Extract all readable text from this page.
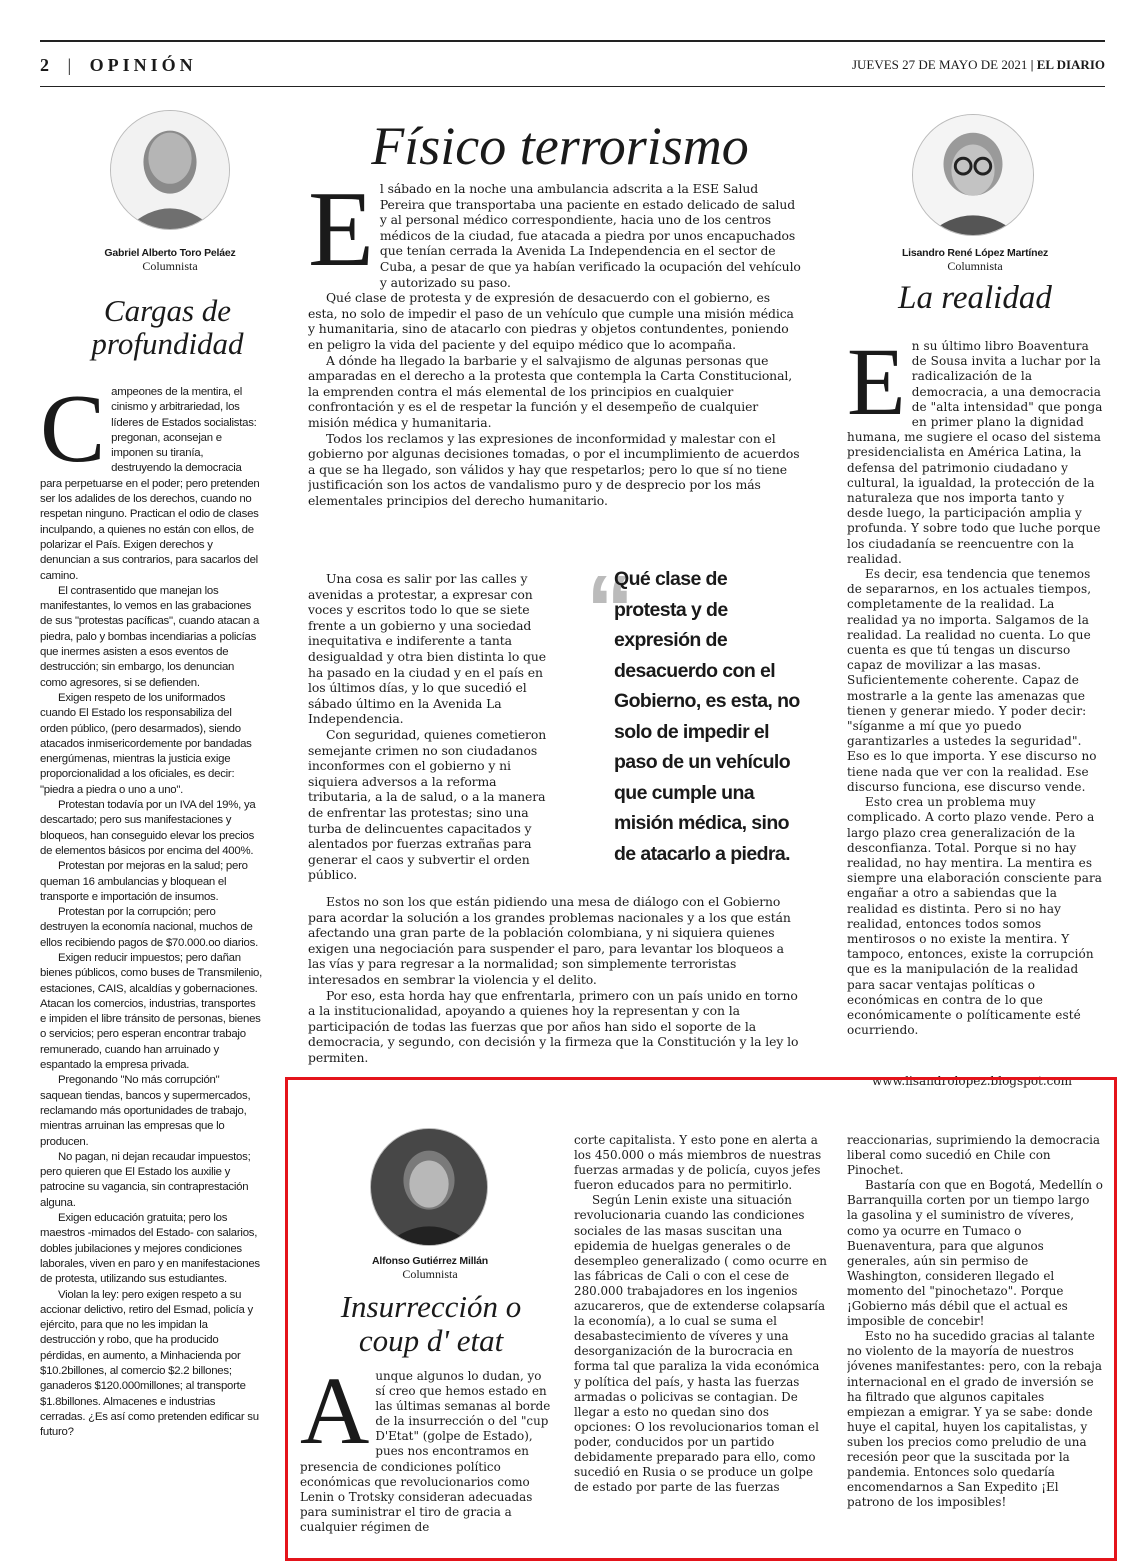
2 | OPINIÓN	JUEVES 27 DE MAYO DE 2021 | EL DIARIO
Gabriel Alberto Toro Peláez
Columnista
Cargas de
profundidad

Campeones de la mentira, el cinismo y arbitrariedad, los líderes de Estados socialistas: pregonan, aconsejan e imponen su tiranía, destruyendo la democracia para perpetuarse en el poder; pero pretenden ser los adalides de los derechos, cuando no respetan ninguno. Practican el odio de clases inculpando, a quienes no están con ellos, de polarizar el País. Exigen derechos y denuncian a sus contrarios, para sacarlos del camino.

El contrasentido que manejan los manifestantes, lo vemos en las grabaciones de sus "protestas pacíficas", cuando atacan a piedra, palo y bombas incendiarias a policías que inermes asisten a esos eventos de destrucción; sin embargo, los denuncian como agresores, si se defienden.

Exigen respeto de los uniformados cuando El Estado los responsabiliza del orden público, (pero desarmados), siendo atacados inmisericordemente por bandadas energúmenas, mientras la justicia exige proporcionalidad a los oficiales, es decir: "piedra a piedra o uno a uno".

Protestan todavía por un IVA del 19%, ya descartado; pero sus manifestaciones y bloqueos, han conseguido elevar los precios de elementos básicos por encima del 400%.

Protestan por mejoras en la salud; pero queman 16 ambulancias y bloquean el transporte e importación de insumos.

Protestan por la corrupción; pero destruyen la economía nacional, muchos de ellos recibiendo pagos de $70.000.oo diarios.

Exigen reducir impuestos; pero dañan bienes públicos, como buses de Transmilenio, estaciones, CAIS, alcaldías y gobernaciones. Atacan los comercios, industrias, transportes e impiden el libre tránsito de personas, bienes o servicios; pero esperan encontrar trabajo remunerado, cuando han arruinado y espantado la empresa privada.

Pregonando "No más corrupción" saquean tiendas, bancos y supermercados, reclamando más oportunidades de trabajo, mientras arruinan las empresas que lo producen.

No pagan, ni dejan recaudar impuestos; pero quieren que El Estado los auxilie y patrocine su vagancia, sin contraprestación alguna.

Exigen educación gratuita; pero los maestros -mimados del Estado- con salarios, dobles jubilaciones y mejores condiciones laborales, viven en paro y en manifestaciones de protesta, utilizando sus estudiantes.

Violan la ley: pero exigen respeto a su accionar delictivo, retiro del Esmad, policía y ejército, para que no les impidan la destrucción y robo, que ha producido pérdidas, en aumento, a Minhacienda por $10.2billones, al comercio $2.2 billones; ganaderos $120.000millones; al transporte $1.8billones. Almacenes e industrias cerradas. ¿Es así como pretenden edificar su futuro?

Físico terrorismo

El sábado en la noche una ambulancia adscrita a la ESE Salud Pereira que transportaba una paciente en estado delicado de salud y al personal médico correspondiente, hacia uno de los centros médicos de la ciudad, fue atacada a piedra por unos encapuchados que tenían cerrada la Avenida La Independencia en el sector de Cuba, a pesar de que ya habían verificado la ocupación del vehículo y autorizado su paso.

Qué clase de protesta y de expresión de desacuerdo con el gobierno, es esta, no solo de impedir el paso de un vehículo que cumple una misión médica y humanitaria, sino de atacarlo con piedras y objetos contundentes, poniendo en peligro la vida del paciente y del equipo médico que lo acompaña.

A dónde ha llegado la barbarie y el salvajismo de algunas personas que amparadas en el derecho a la protesta que contempla la Carta Constitucional, la emprenden contra el más elemental de los principios en cualquier confrontación y es el de respetar la función y el desempeño de cualquier misión médica y humanitaria.

Todos los reclamos y las expresiones de inconformidad y malestar con el gobierno por algunas decisiones tomadas, o por el incumplimiento de acuerdos a que se ha llegado, son válidos y hay que respetarlos; pero lo que sí no tiene justificación son los actos de vandalismo puro y de desprecio por los más elementales principios del derecho humanitario.

Una cosa es salir por las calles y avenidas a protestar, a expresar con voces y escritos todo lo que se siete frente a un gobierno y una sociedad inequitativa e indiferente a tanta desigualdad y otra bien distinta lo que ha pasado en la ciudad y en el país en los últimos días, y lo que sucedió el sábado último en la Avenida La Independencia.

Con seguridad, quienes cometieron semejante crimen no son ciudadanos inconformes con el gobierno y ni siquiera adversos a la reforma tributaria, a la de salud, o a la manera de enfrentar las protestas; sino una turba de delincuentes capacitados y alentados por fuerzas extrañas para generar el caos y subvertir el orden público.

“
Qué clase de protesta y de expresión de desacuerdo con el Gobierno, es esta, no solo de impedir el paso de un vehículo que cumple una misión médica, sino de atacarlo a piedra.

Estos no son los que están pidiendo una mesa de diálogo con el Gobierno para acordar la solución a los grandes problemas nacionales y a los que están afectando una gran parte de la población colombiana, y ni siquiera quienes exigen una negociación para suspender el paro, para levantar los bloqueos a las vías y para regresar a la normalidad; son simplemente terroristas interesados en sembrar la violencia y el delito.

Por eso, esta horda hay que enfrentarla, primero con un país unido en torno a la institucionalidad, apoyando a quienes hoy la representan y con la participación de todas las fuerzas que por años han sido el soporte de la democracia, y segundo, con decisión y la firmeza que la Constitución y la ley lo permiten.

Lisandro René López Martínez
Columnista
La realidad

En su último libro Boaventura de Sousa invita a luchar por la radicalización de la democracia, a una democracia de "alta intensidad" que ponga en primer plano la dignidad humana, me sugiere el ocaso del sistema presidencialista en América Latina, la defensa del patrimonio ciudadano y cultural, la igualdad, la protección de la naturaleza que nos importa tanto y desde luego, la participación amplia y profunda. Y sobre todo que luche porque los ciudadanía se reencuentre con la realidad.

Es decir, esa tendencia que tenemos de separarnos, en los actuales tiempos, completamente de la realidad. La realidad ya no importa. Salgamos de la realidad. La realidad no cuenta. Lo que cuenta es que tú tengas un discurso capaz de movilizar a las masas. Suficientemente coherente. Capaz de mostrarle a la gente las amenazas que tienen y generar miedo. Y poder decir: "síganme a mí que yo puedo garantizarles a ustedes la seguridad". Eso es lo que importa. Y ese discurso no tiene nada que ver con la realidad. Ese discurso funciona, ese discurso vende.

Esto crea un problema muy complicado. A corto plazo vende. Pero a largo plazo crea generalización de la desconfianza. Total. Porque si no hay realidad, no hay mentira. La mentira es siempre una elaboración consciente para engañar a otro a sabiendas que la realidad es distinta. Pero si no hay realidad, entonces todos somos mentirosos o no existe la mentira. Y tampoco, entonces, existe la corrupción que es la manipulación de la realidad para sacar ventajas políticas o económicas en contra de lo que económicamente o políticamente esté ocurriendo.

www.lisandrolopez.blogspot.com
Alfonso Gutiérrez Millán
Columnista
Insurrección o
coup d' etat

Aunque algunos lo dudan, yo sí creo que hemos estado en las últimas semanas al borde de la insurrección o del "cup D'Etat" (golpe de Estado), pues nos encontramos en presencia de condiciones político económicas que revolucionarios como Lenin o Trotsky consideran adecuadas para suministrar el tiro de gracia a cualquier régimen de

corte capitalista. Y esto pone en alerta a los 450.000 o más miembros de nuestras fuerzas armadas y de policía, cuyos jefes fueron educados para no permitirlo.

Según Lenin existe una situación revolucionaria cuando las condiciones sociales de las masas suscitan una epidemia de huelgas generales o de desempleo generalizado ( como ocurre en las fábricas de Cali o con el cese de 280.000 trabajadores en los ingenios azucareros, que de extenderse colapsaría la economía), a lo cual se suma el desabastecimiento de víveres y una desorganización de la burocracia en forma tal que paraliza la vida económica y política del país, y hasta las fuerzas armadas o policivas se contagian. De llegar a esto no quedan sino dos opciones: O los revolucionarios toman el poder, conducidos por un partido debidamente preparado para ello, como sucedió en Rusia o se produce un golpe de estado por parte de las fuerzas

reaccionarias, suprimiendo la democracia liberal como sucedió en Chile con Pinochet.

Bastaría con que en Bogotá, Medellín o Barranquilla corten por un tiempo largo la gasolina y el suministro de víveres, como ya ocurre en Tumaco o Buenaventura, para que algunos generales, aún sin permiso de Washington, consideren llegado el momento del "pinochetazo". Porque ¡Gobierno más débil que el actual es imposible de concebir!

Esto no ha sucedido gracias al talante no violento de la mayoría de nuestros jóvenes manifestantes: pero, con la rebaja internacional en el grado de inversión se ha filtrado que algunos capitales empiezan a emigrar. Y ya se sabe: donde huye el capital, huyen los capitalistas, y suben los precios como preludio de una recesión peor que la suscitada por la pandemia. Entonces solo quedaría encomendarnos a San Expedito ¡El patrono de los imposibles!
